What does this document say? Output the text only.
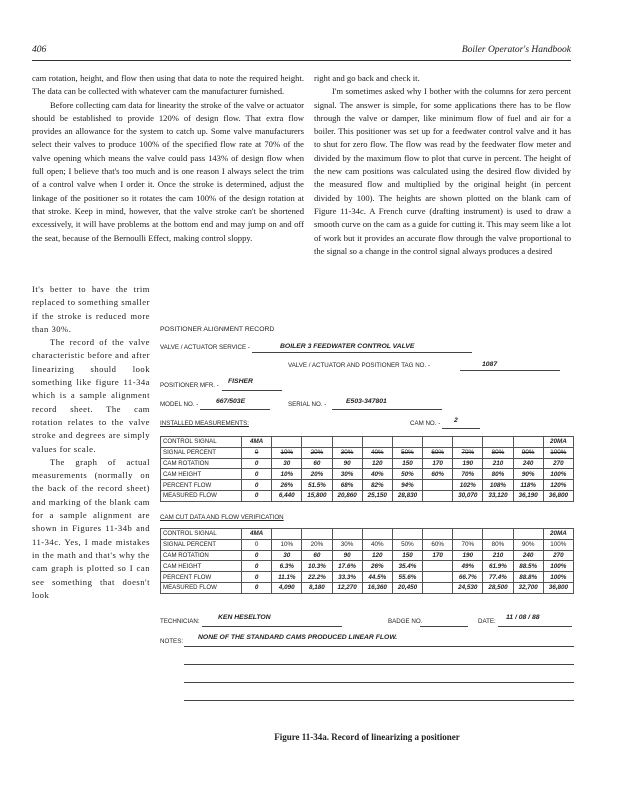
406	Boiler Operator's Handbook

cam rotation, height, and flow then using that data to note the required height. The data can be collected with whatever cam the manufacturer furnished.

Before collecting cam data for linearity the stroke of the valve or actuator should be established to provide 120% of design flow. That extra flow provides an allowance for the system to catch up. Some valve manufacturers select their valves to produce 100% of the specified flow rate at 70% of the valve opening which means the valve could pass 143% of design flow when full open; I believe that's too much and is one reason I always select the trim of a control valve when I order it. Once the stroke is determined, adjust the linkage of the positioner so it rotates the cam 100% of the design rotation at that stroke. Keep in mind, however, that the valve stroke can't be shortened excessively, it will have problems at the bottom end and may jump on and off the seat, because of the Bernoulli Effect, making control sloppy.

right and go back and check it.

I'm sometimes asked why I bother with the columns for zero percent signal. The answer is simple, for some applications there has to be flow through the valve or damper, like minimum flow of fuel and air for a boiler. This positioner was set up for a feedwater control valve and it has to shut for zero flow. The flow was read by the feedwater flow meter and divided by the maximum flow to plot that curve in percent. The height of the new cam positions was calculated using the desired flow divided by the measured flow and multiplied by the original height (in percent divided by 100). The heights are shown plotted on the blank cam of Figure 11-34c. A French curve (drafting instrument) is used to draw a smooth curve on the cam as a guide for cutting it. This may seem like a lot of work but it provides an accurate flow through the valve proportional to the signal so a change in the control signal always produces a desired

It's better to have the trim replaced to something smaller if the stroke is reduced more than 30%.

The record of the valve characteristic before and after linearizing should look something like figure 11-34a which is a sample alignment record sheet. The cam rotation relates to the valve stroke and degrees are simply values for scale.

The graph of actual measurements (normally on the back of the record sheet) and marking of the blank cam for a sample alignment are shown in Figures 11-34b and 11-34c. Yes, I made mistakes in the math and that's why the cam graph is plotted so I can see something that doesn't look

POSITIONER ALIGNMENT RECORD
VALVE / ACTUATOR SERVICE -	BOILER 3 FEEDWATER CONTROL VALVE
VALVE / ACTUATOR AND POSITIONER TAG NO. -	1087
POSITIONER MFR. -
FISHER
MODEL NO. -	667/503E	SERIAL NO. -	E503-347801
INSTALLED MEASUREMENTS:	CAM NO. - 2
CONTROL SIGNAL	4MA										20MA
SIGNAL PERCENT	0	10%	20%	30%	40%	50%	60%	70%	80%	90%	100%
CAM ROTATION	0	30	60	90	120	150	170	190	210	240	270
CAM HEIGHT	0	10%	20%	30%	40%	50%	60%	70%	80%	90%	100%
PERCENT FLOW	0	26%	51.5%	68%	82%	94%		102%	108%	118%	120%
MEASURED FLOW	0	6,440	15,800	20,860	25,150	28,830		30,070	33,120	36,190	36,800
CAM CUT DATA AND FLOW VERIFICATION
CONTROL SIGNAL	4MA										20MA
SIGNAL PERCENT	0	10%	20%	30%	40%	50%	60%	70%	80%	90%	100%
CAM ROTATION	0	30	60	90	120	150	170	190	210	240	270
CAM HEIGHT	0	6.3%	10.3%	17.6%	26%	35.4%		49%	61.9%	88.5%	100%
PERCENT FLOW	0	11.1%	22.2%	33.3%	44.5%	55.6%		66.7%	77.4%	88.8%	100%
MEASURED FLOW	0	4,090	8,180	12,270	16,360	20,450		24,530	28,500	32,700	36,800
TECHNICIAN:
KEN HESELTON
BADGE NO.	DATE:
11 / 08 / 88
NOTES:
NONE OF THE STANDARD CAMS PRODUCED LINEAR FLOW.
Figure 11-34a. Record of linearizing a positioner
